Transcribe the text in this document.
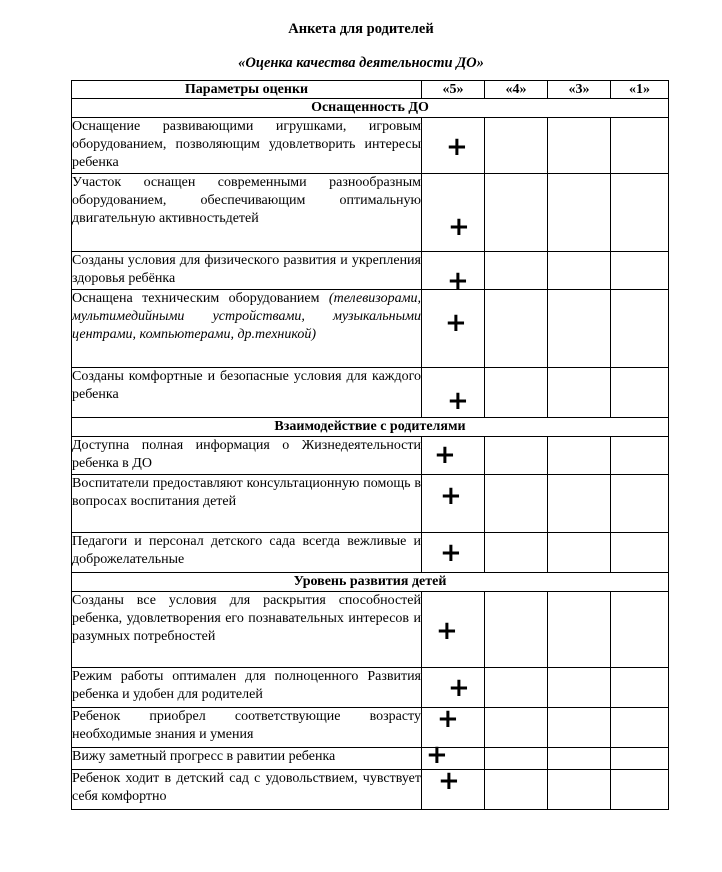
Анкета для родителей
«Оценка качества деятельности ДО»
Параметры оценки	«5»	«4»	«3»	«1»
Оснащенность ДО				
Оснащение развивающими игрушками, игровым оборудованием, позволяющим удовлетворить интересы ребенка	+			

Участок оснащен современными разнообразным оборудованием, обеспечивающим оптимальную двигательную активностьдетей	+			

Созданы условия для физического развития и укрепления здоровья ребёнка	+			

Оснащена техническим оборудованием (телевизорами, мультимедийными устройствами, музыкальными центрами, компьютерами, др.техникой)	+			

Созданы комфортные и безопасные условия для каждого ребенка	+			

Взаимодействие с родителями				
Доступна полная информация о Жизнедеятельности ребенка в ДО	+			

Воспитатели предоставляют консультационную помощь в вопросах воспитания детей	+			

Педагоги и персонал детского сада всегда вежливые и доброжелательные	+			

Уровень развития детей				
Созданы все условия для раскрытия способностей ребенка, удовлетворения его познавательных интересов и разумных потребностей	+			

Режим работы оптимален для полноценного Развития ребенка и удобен для родителей	+			

Ребенок приобрел соответствующие возрасту необходимые знания и умения	+			

Вижу заметный прогресс в равитии ребенка	+			

Ребенок ходит в детский сад с удовольствием, чувствует себя комфортно	+			
